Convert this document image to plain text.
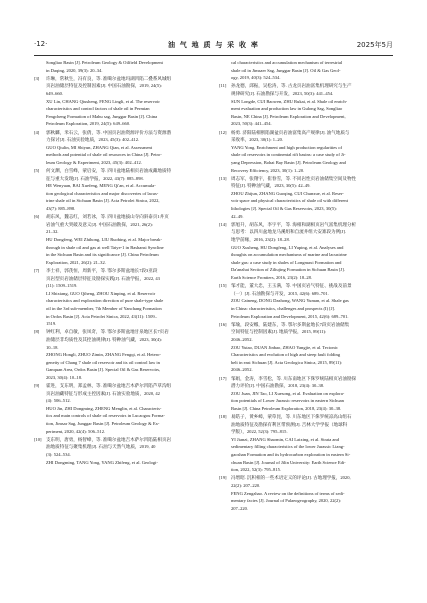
·12·	油 气 地 质 与 采 收 率	2025年5月
Songliao Basin [J]. Petroleum Geology & Oilfield Development
in Daqing, 2020, 39(3): 20–34.
[3] 许琳，常秋生，冯有良，等. 准噶尔盆地玛湖凹陷二叠系风城组
页岩油储层特征及控制因素[J]. 中国石油勘探，2019, 24(5):
649–660.
XU Lin, CHANG Qiusheng, FENG Lingli, et al. The reservoir
characteristics and control factors of shale oil in Permian
Fengcheng Formation of Mahu sag, Junggar Basin [J]. China
Petroleum Exploration, 2019, 24(5): 649–660.
[4] 郭秋麟，米石云，张倩，等. 中国页岩油资源评价方法与资源潜
力探讨[J]. 石油实验地质，2023, 45(3): 402–412.
GUO Qiulin, MI Shiyun, ZHANG Qian, et al. Assessment
methods and potential of shale oil resources in China [J]. Petro-
leum Geology & Experiment, 2023, 45(3): 402–412.
[5] 何文渊，白雪峰，蒙启安，等. 四川盆地陆相页岩油成藏地质特
征与重大发现[J]. 石油学报，2022, 43(7): 885–898.
HE Wenyuan, BAI Xuefeng, MENG Qi'an, et al. Accumula-
tion geological characteristics and major discoveries of lacus-
trine shale oil in Sichuan Basin [J]. Acta Petrolei Sinica, 2022,
43(7): 885–898.
[6] 胡东风，魏志红，刘若冰，等. 四川盆地拔山寺向斜泰页1井页
岩油气重大突破及意义[J]. 中国石油勘探，2021, 26(2):
21–32.
HU Dongfeng, WEI Zhihong, LIU Ruobing, et al. Major break-
through in shale oil and gas at well Taiye-1 in Bashansi Syncline
in the Sichuan Basin and its significance [J]. China Petroleum
Exploration, 2021, 26(2): 21–32.
[7] 李士祥，郭芪恒，周新平，等. 鄂尔多斯盆地长7段3亚段
页岩型页岩油储层特征及勘探实践[J]. 石油学报，2022, 43
(11): 1509–1519.
LI Shixiang, GUO Qiheng, ZHOU Xinping, et al. Reservoir
characteristics and exploration direction of pure shale-type shale
oil in the 3rd sub-member, 7th Member of Yanchang Formation
in Ordos Basin [J]. Acta Petrolei Sinica, 2022, 43(11): 1509–
1519.
[8] 钟红利，卓自敏，张凤奇，等. 鄂尔多斯盆地甘泉地区长7页岩
油储层非均质性及其控油规律[J]. 特种油气藏，2023, 30(4):
10–18.
ZHONG Hongli, ZHUO Zimin, ZHANG Fengqi, et al. Hetero-
geneity of Chang 7 shale oil reservoir and its oil control law in
Ganquan Area, Ordos Basin [J]. Special Oil & Gas Reservoirs,
2023, 30(4): 10–18.
[9] 霍进，支东明，郑孟林，等. 准噶尔盆地吉木萨尔凹陷芦草沟组
页岩油藏特征与形成主控因素[J]. 石油实验地质，2020, 42
(4): 506–512.
HUO Jin, ZHI Dongming, ZHENG Menglin, et al. Characteris-
tics and main controls of shale oil reservoirs in Lucaogou Forma-
tion, Jimsar Sag, Junggar Basin [J]. Petroleum Geology & Ex-
periment, 2020, 42(4): 506–512.
[10] 支东明，唐勇，杨智峰，等. 准噶尔盆地吉木萨尔凹陷陆相页岩
油地质特征与聚集机理[J]. 石油与天然气地质，2019, 40
(3): 524–534.
ZHI Dongming, TANG Yong, YANG Zhifeng, et al. Geologi-
cal characteristics and accumulation mechanism of terrestrial
shale oil in Jimsaer Sag, Junggar Basin [J]. Oil & Gas Geol-
ogy, 2019, 40(3): 524–534.
[11] 孙龙德，邱振，吴松涛，等. 古龙页岩油富集机理研究与生产
规律研究[J]. 石油勘探与开发，2023, 50(3): 441–454.
SUN Longde, CUI Baowen, ZHU Rukai, et al. Shale oil enrich-
ment evaluation and production law in Gulong Sag, Songliao
Basin, NE China [J]. Petroleum Exploration and Development,
2023, 50(3): 441–454.
[12] 杨勇. 济阳陆相断陷湖盆页岩油富集高产规律[J]. 油气地质与
采收率，2023, 30(1): 1–20.
YANG Yong. Enrichment and high production regularities of
shale oil reservoirs in continental rift basins: a case study of Ji-
yang Depression, Bohai Bay Basin [J]. Petroleum Geology and
Recovery Efficiency, 2023, 30(1): 1–20.
[13] 周志军，张翔宇，崔春雪，等. 不同岩性页岩油储集空间及物性
特征[J]. 特种油气藏，2023, 30(5): 42–49.
ZHOU Zhijun, ZHANG Guoqing, CUI Chunxue, et al. Reser-
voir space and physical characteristics of shale oil with different
lithologies [J]. Special Oil & Gas Reservoirs, 2023, 30(5):
42–49.
[14] 郭旭升，胡东风，李宇平，等. 海相和湖相页岩气富集机理分析
与思考：以四川盆地龙马溪组和自流井组大安寨段为例[J].
地学前缘，2016, 23(2): 18–28.
GUO Xusheng, HU Dongfeng, LI Yuping, et al. Analyses and
thoughts on accumulation mechanisms of marine and lacustrine
shale gas: a case study in shales of Longmaxi Formation and
Da'anzhai Section of Ziliujing Formation in Sichuan Basin [J].
Earth Science Frontiers, 2016, 23(2): 18–28.
[15] 邹才能，董大忠，王玉满，等. 中国页岩气特征、挑战及前景
（一）[J]. 石油勘探与开发，2015, 42(6): 689–701.
ZOU Caineng, DONG Dazhong, WANG Yuman, et al. Shale gas
in China: characteristics, challenges and prospects (I) [J].
Petroleum Exploration and Development, 2015, 42(6): 689–701.
[16] 邹瑜，段安娜，陆建东，等. 鄂尔多斯盆地长7段页岩油储集
空间特征与控制因素[J]. 地质学报，2015, 89(11):
2046–2052.
ZOU Yutao, DUAN Jinbao, ZHAO Yangjie, et al. Tectonic
Characteristics and evolution of high and steep fault folding
belt in east Sichuan [J]. Acta Geologica Sinica, 2015, 89(11):
2046–2052.
[17] 邹娟，金涛，李雪松，等. 川东南地区下侏罗统陆相页岩油勘探
潜力评价[J]. 中国石油勘探，2018, 23(4): 30–38.
ZOU Juan, JIN Tao, LI Xuesong, et al. Evaluation on explora-
tion potentials of Lower Jurassic reservoirs in eastern Sichuan
Basin [J]. China Petroleum Exploration, 2018, 23(4): 30–38.
[18] 易皓子，黄乡嶂，蒙草昆，等. 川东地区下侏罗统凉高山组石
油地质特征及勘探有利区带预测[J]. 吉林大学学报（地球科
学版），2022, 52(3): 795–815.
YI Jianzi, ZHANG Shaomin, CAI Laixing, et al. Strata and
sedimentary filling characteristics of the lower Jurassic Liang-
gaoshan Formation and its hydrocarbon exploration in eastern Si-
chuan Basin [J]. Journal of Jilin University: Earth Science Edi-
tion, 2022, 52(3): 795–815.
[19] 冯增昭. 沉积相的一些术语定义的评论[J]. 古地理学报，2020,
22(2): 207–220.
FENG Zengzhao. A review on the definitions of terms of sedi-
mentary facies [J]. Journal of Palaeogeography, 2020, 22(2):
207–220.
